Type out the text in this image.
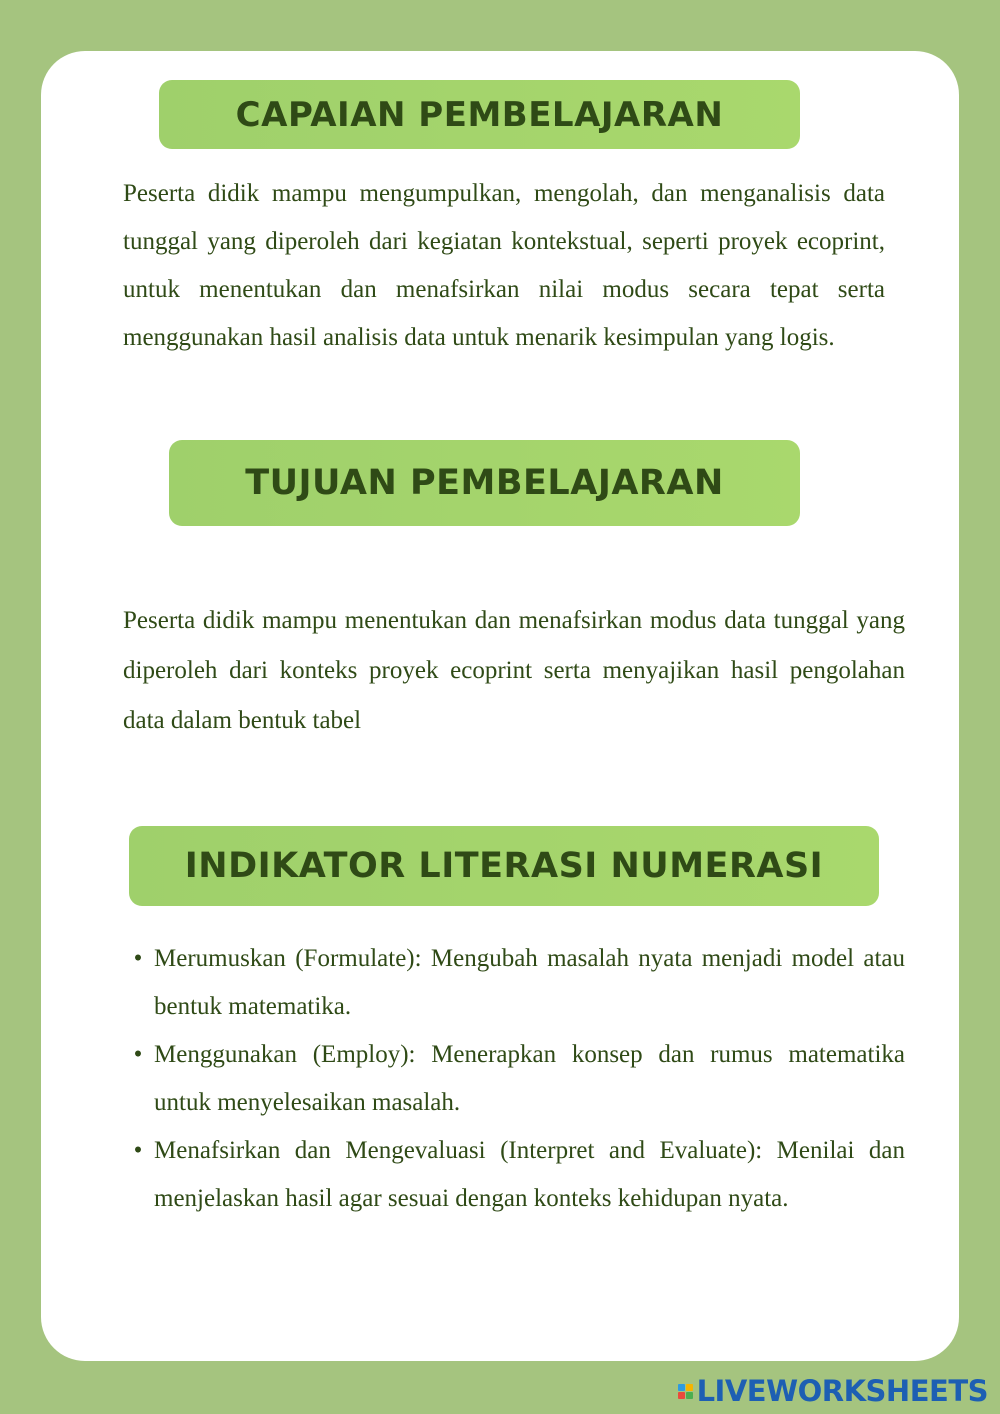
CAPAIAN PEMBELAJARAN

Peserta didik mampu mengumpulkan, mengolah, dan menganalisis data tunggal yang diperoleh dari kegiatan kontekstual, seperti proyek ecoprint, untuk menentukan dan menafsirkan nilai modus secara tepat serta menggunakan hasil analisis data untuk menarik kesimpulan yang logis.

TUJUAN PEMBELAJARAN

Peserta didik mampu menentukan dan menafsirkan modus data tunggal yang diperoleh dari konteks proyek ecoprint serta menyajikan hasil pengolahan data dalam bentuk tabel

INDIKATOR LITERASI NUMERASI
• Merumuskan (Formulate): Mengubah masalah nyata menjadi model atau bentuk matematika.
• Menggunakan (Employ): Menerapkan konsep dan rumus matematika untuk menyelesaikan masalah.
• Menafsirkan dan Mengevaluasi (Interpret and Evaluate): Menilai dan menjelaskan hasil agar sesuai dengan konteks kehidupan nyata.
LIVEWORKSHEETS
